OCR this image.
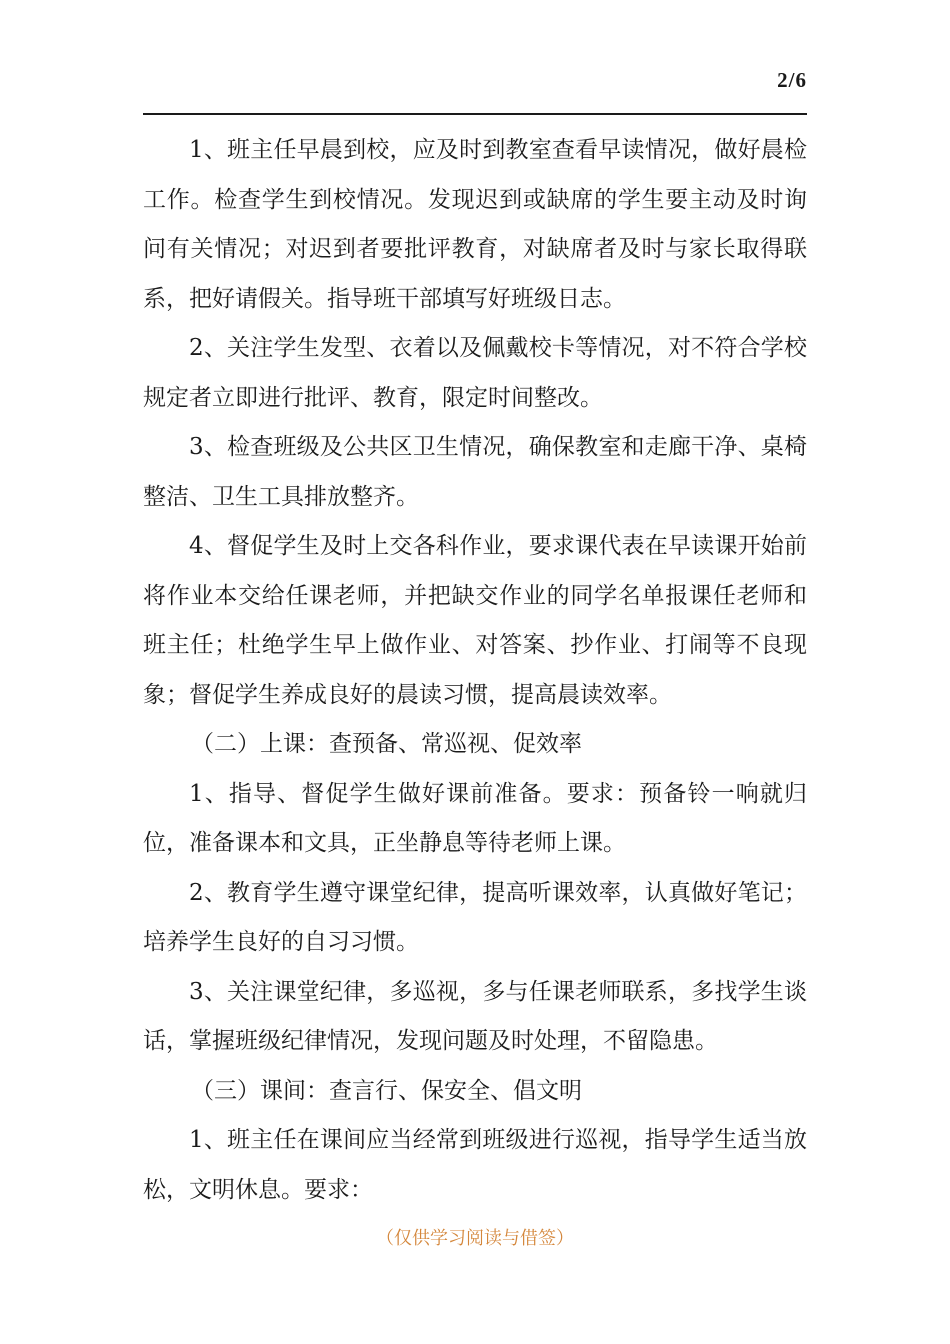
2/6

1、班主任早晨到校，应及时到教室查看早读情况，做好晨检工作。检查学生到校情况。发现迟到或缺席的学生要主动及时询问有关情况；对迟到者要批评教育，对缺席者及时与家长取得联系，把好请假关。指导班干部填写好班级日志。

2、关注学生发型、衣着以及佩戴校卡等情况，对不符合学校规定者立即进行批评、教育，限定时间整改。

3、检查班级及公共区卫生情况，确保教室和走廊干净、桌椅整洁、卫生工具排放整齐。

4、督促学生及时上交各科作业，要求课代表在早读课开始前将作业本交给任课老师，并把缺交作业的同学名单报课任老师和班主任；杜绝学生早上做作业、对答案、抄作业、打闹等不良现象；督促学生养成良好的晨读习惯，提高晨读效率。

（二）上课：查预备、常巡视、促效率

1、指导、督促学生做好课前准备。要求：预备铃一响就归位，准备课本和文具，正坐静息等待老师上课。

2、教育学生遵守课堂纪律，提高听课效率，认真做好笔记；培养学生良好的自习习惯。

3、关注课堂纪律，多巡视，多与任课老师联系，多找学生谈话，掌握班级纪律情况，发现问题及时处理，不留隐患。

（三）课间：查言行、保安全、倡文明

1、班主任在课间应当经常到班级进行巡视，指导学生适当放松，文明休息。要求：

（仅供学习阅读与借签）
